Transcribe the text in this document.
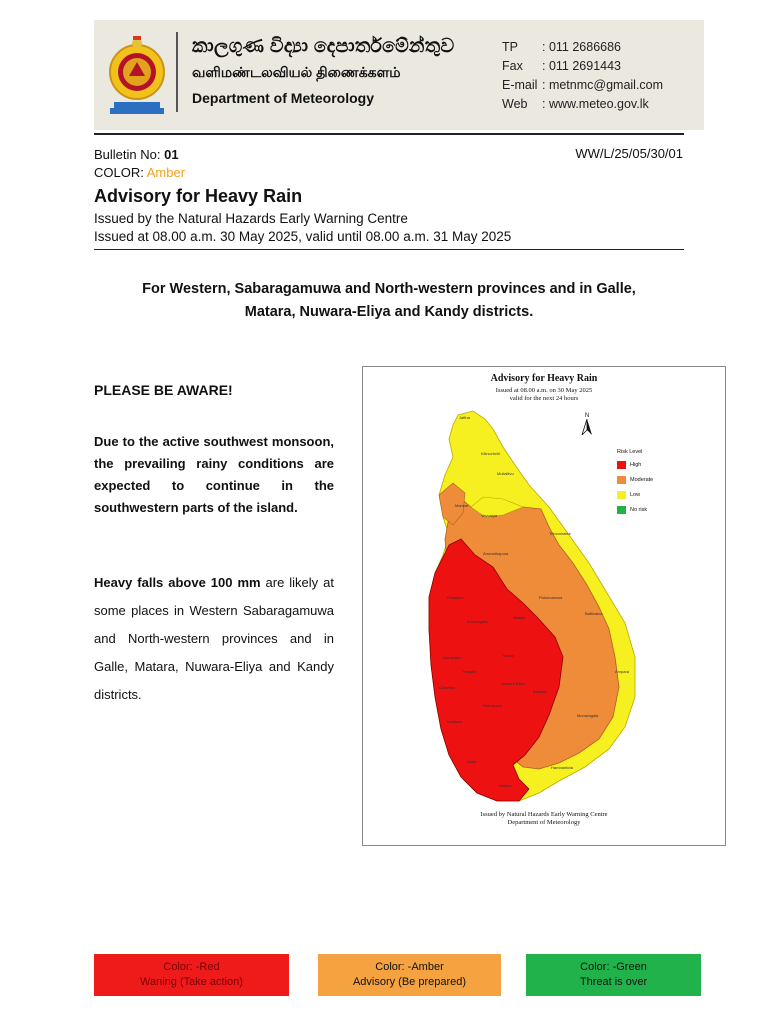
කාලගුණ විද්‍යා දෙපාර්තමේන්තුව
வளிமண்டலவியல் திணைக்களம்
Department of Meteorology
TP	: 011 2686686
Fax	: 011 2691443
E-mail : metnmc@gmail.com
Web	: www.meteo.gov.lk
Bulletin No: 01
COLOR: Amber
WW/L/25/05/30/01
Advisory for Heavy Rain
Issued by the Natural Hazards Early Warning Centre
Issued at 08.00 a.m. 30 May 2025, valid until 08.00 a.m. 31 May 2025
For Western, Sabaragamuwa and North-western provinces and in Galle,
Matara, Nuwara-Eliya and Kandy districts.
PLEASE BE AWARE!
Due to the active southwest monsoon, the prevailing rainy conditions are expected to continue in the southwestern parts of the island.
Heavy falls above 100 mm are likely at some places in Western Sabaragamuwa and North-western provinces and in Galle, Matara, Nuwara-Eliya and Kandy districts.
Advisory for Heavy Rain
Issued at 08.00 a.m. on 30 May 2025
valid for the next 24 hours
N
Jaffna
Kilinochchi
Mullaitivu
Mannar
Vavuniya
Trincomalee
Anuradhapura
Polonnaruwa
Puttalam
Kurunegala
Matale
Batticaloa
Kandy
Ampara
Badulla
Gampaha
Colombo
Kalutara
Ratnapura
Monaragala
Galle
Matara
Hambantota
Nuwara Eliya
Kegalle
Risk Level
High
Moderate
Low
No risk
Issued by Natural Hazards Early Warning Centre
Department of Meteorology
Color: -Red
Waning (Take action)
Color: -Amber
Advisory (Be prepared)
Color: -Green
Threat is over
